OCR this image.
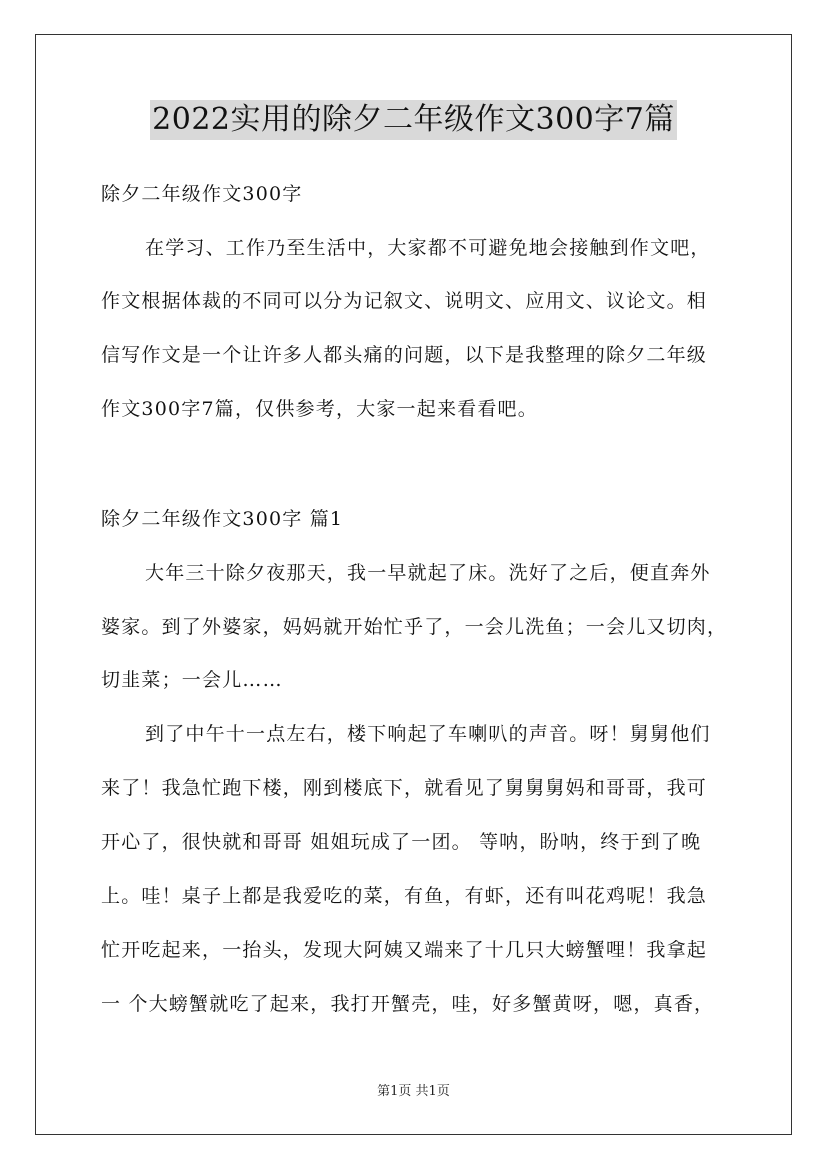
2022实用的除夕二年级作文300字7篇
除夕二年级作文300字
在学习、工作乃至生活中，大家都不可避免地会接触到作文吧，
作文根据体裁的不同可以分为记叙文、说明文、应用文、议论文。相
信写作文是一个让许多人都头痛的问题，以下是我整理的除夕二年级
作文300字7篇，仅供参考，大家一起来看看吧。
除夕二年级作文300字 篇1
大年三十除夕夜那天，我一早就起了床。洗好了之后，便直奔外
婆家。到了外婆家，妈妈就开始忙乎了，一会儿洗鱼；一会儿又切肉，
切韭菜；一会儿……
到了中午十一点左右，楼下响起了车喇叭的声音。呀！舅舅他们
来了！我急忙跑下楼，刚到楼底下，就看见了舅舅舅妈和哥哥，我可
开心了，很快就和哥哥 姐姐玩成了一团。 等呐，盼呐，终于到了晚
上。哇！桌子上都是我爱吃的菜，有鱼，有虾，还有叫花鸡呢！我急
忙开吃起来，一抬头，发现大阿姨又端来了十几只大螃蟹哩！我拿起
一 个大螃蟹就吃了起来，我打开蟹壳，哇，好多蟹黄呀，嗯，真香，
第1页 共1页
